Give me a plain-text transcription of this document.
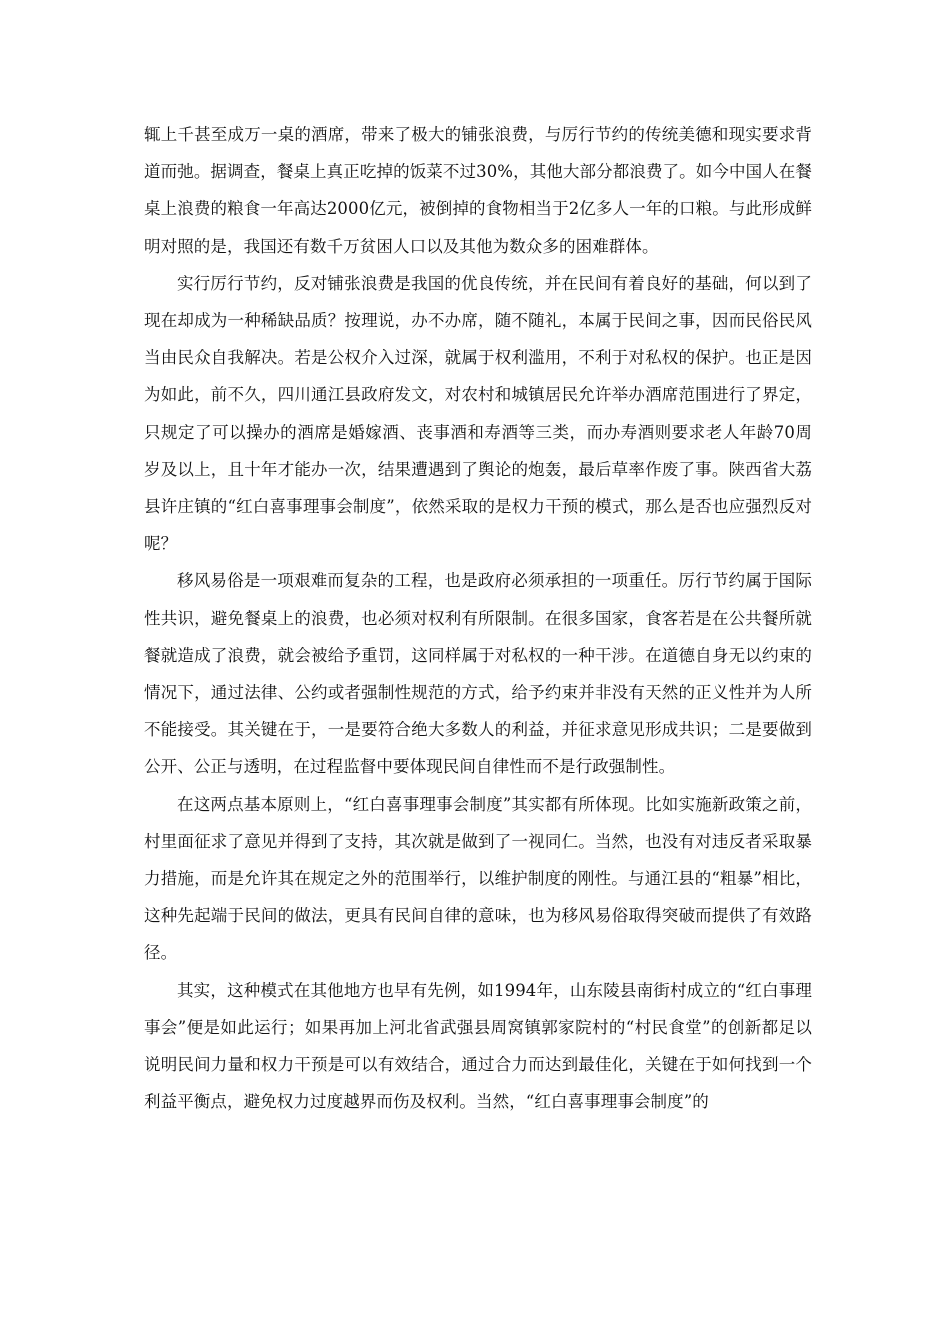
辄上千甚至成万一桌的酒席，带来了极大的铺张浪费，与厉行节约的传统美德和现实要求背道而弛。据调查，餐桌上真正吃掉的饭菜不过30%，其他大部分都浪费了。如今中国人在餐桌上浪费的粮食一年高达2000亿元，被倒掉的食物相当于2亿多人一年的口粮。与此形成鲜明对照的是，我国还有数千万贫困人口以及其他为数众多的困难群体。

实行厉行节约，反对铺张浪费是我国的优良传统，并在民间有着良好的基础，何以到了现在却成为一种稀缺品质？按理说，办不办席，随不随礼，本属于民间之事，因而民俗民风当由民众自我解决。若是公权介入过深，就属于权利滥用，不利于对私权的保护。也正是因为如此，前不久，四川通江县政府发文，对农村和城镇居民允许举办酒席范围进行了界定，只规定了可以操办的酒席是婚嫁酒、丧事酒和寿酒等三类，而办寿酒则要求老人年龄70周岁及以上，且十年才能办一次，结果遭遇到了舆论的炮轰，最后草率作废了事。陕西省大荔县许庄镇的“红白喜事理事会制度”，依然采取的是权力干预的模式，那么是否也应强烈反对呢？

移风易俗是一项艰难而复杂的工程，也是政府必须承担的一项重任。厉行节约属于国际性共识，避免餐桌上的浪费，也必须对权利有所限制。在很多国家，食客若是在公共餐所就餐就造成了浪费，就会被给予重罚，这同样属于对私权的一种干涉。在道德自身无以约束的情况下，通过法律、公约或者强制性规范的方式，给予约束并非没有天然的正义性并为人所不能接受。其关键在于，一是要符合绝大多数人的利益，并征求意见形成共识；二是要做到公开、公正与透明，在过程监督中要体现民间自律性而不是行政强制性。

在这两点基本原则上，“红白喜事理事会制度”其实都有所体现。比如实施新政策之前，村里面征求了意见并得到了支持，其次就是做到了一视同仁。当然，也没有对违反者采取暴力措施，而是允许其在规定之外的范围举行，以维护制度的刚性。与通江县的“粗暴”相比，这种先起端于民间的做法，更具有民间自律的意味，也为移风易俗取得突破而提供了有效路径。

其实，这种模式在其他地方也早有先例，如1994年，山东陵县南街村成立的“红白事理事会”便是如此运行；如果再加上河北省武强县周窝镇郭家院村的“村民食堂”的创新都足以说明民间力量和权力干预是可以有效结合，通过合力而达到最佳化，关键在于如何找到一个利益平衡点，避免权力过度越界而伤及权利。当然，“红白喜事理事会制度”的
